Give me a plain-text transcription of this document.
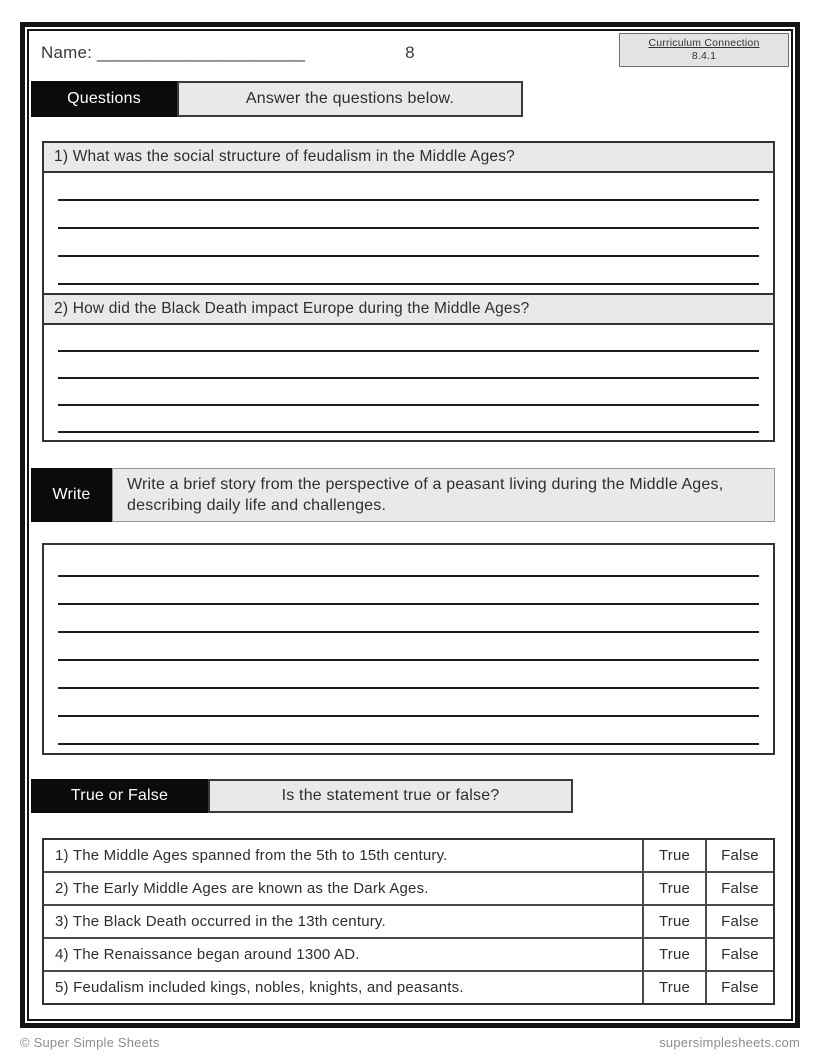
Curriculum Connection
8.4.1
Name: ______________________	8
Questions	Answer the questions below.
1) What was the social structure of feudalism in the Middle Ages?
2) How did the Black Death impact Europe during the Middle Ages?
Write
Write a brief story from the perspective of a peasant living during the Middle Ages, describing daily life and challenges.
True or False	Is the statement true or false?
1) The Middle Ages spanned from the 5th to 15th century.	True	False
2) The Early Middle Ages are known as the Dark Ages.	True	False
3) The Black Death occurred in the 13th century.	True	False
4) The Renaissance began around 1300 AD.	True	False
5) Feudalism included kings, nobles, knights, and peasants.	True	False
© Super Simple Sheets	supersimplesheets.com
